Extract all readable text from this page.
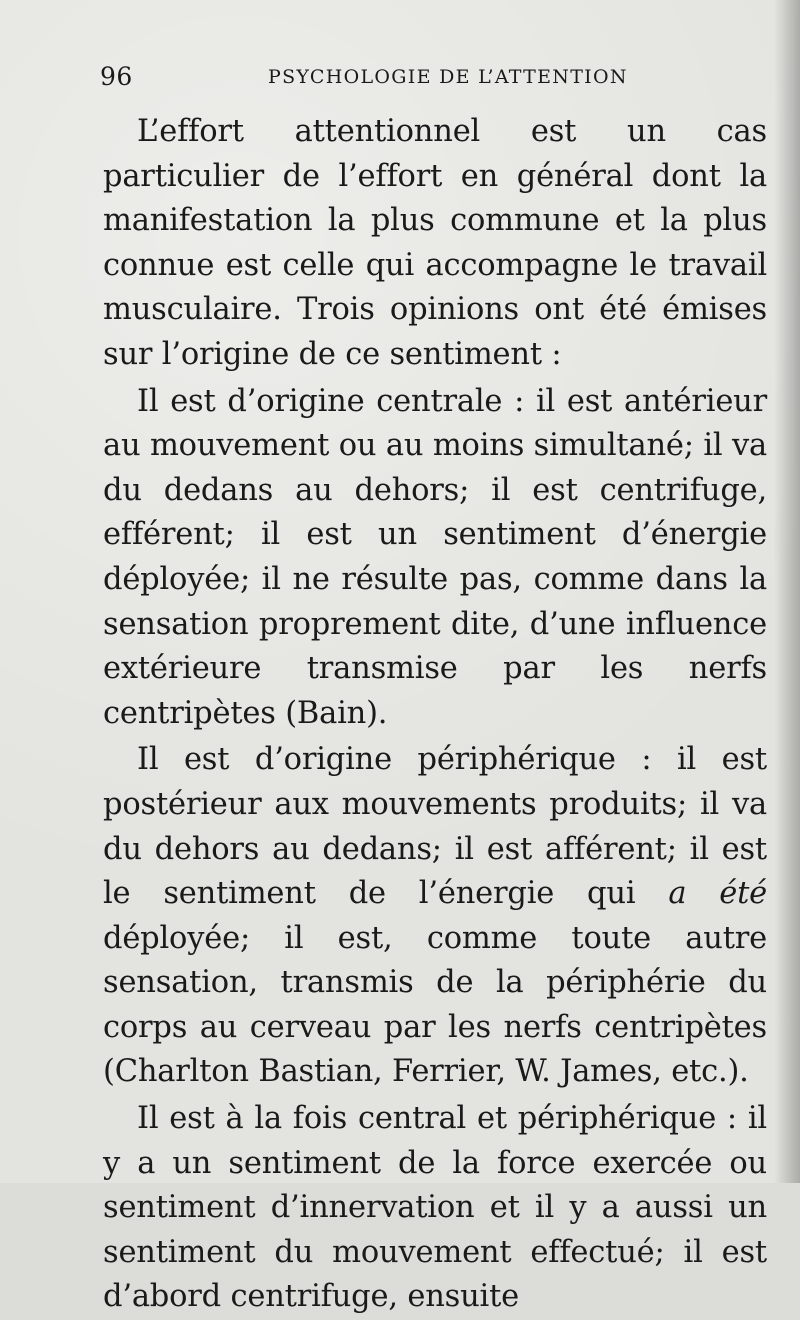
96	PSYCHOLOGIE DE L’ATTENTION

L’effort attentionnel est un cas particulier de l’effort en général dont la manifestation la plus commune et la plus connue est celle qui accompagne le travail musculaire. Trois opinions ont été émises sur l’origine de ce sentiment :

Il est d’origine centrale : il est antérieur au mouvement ou au moins simultané; il va du dedans au dehors; il est centrifuge, efférent; il est un sentiment d’énergie déployée; il ne résulte pas, comme dans la sensation proprement dite, d’une influence extérieure transmise par les nerfs centripètes (Bain).

Il est d’origine périphérique : il est postérieur aux mouvements produits; il va du dehors au dedans; il est afférent; il est le sentiment de l’énergie qui a été déployée; il est, comme toute autre sensation, transmis de la périphérie du corps au cerveau par les nerfs centripètes (Charlton Bastian, Ferrier, W. James, etc.).

Il est à la fois central et périphérique : il y a un sentiment de la force exercée ou sentiment d’innervation et il y a aussi un sentiment du mouvement effectué; il est d’abord centrifuge, ensuite
